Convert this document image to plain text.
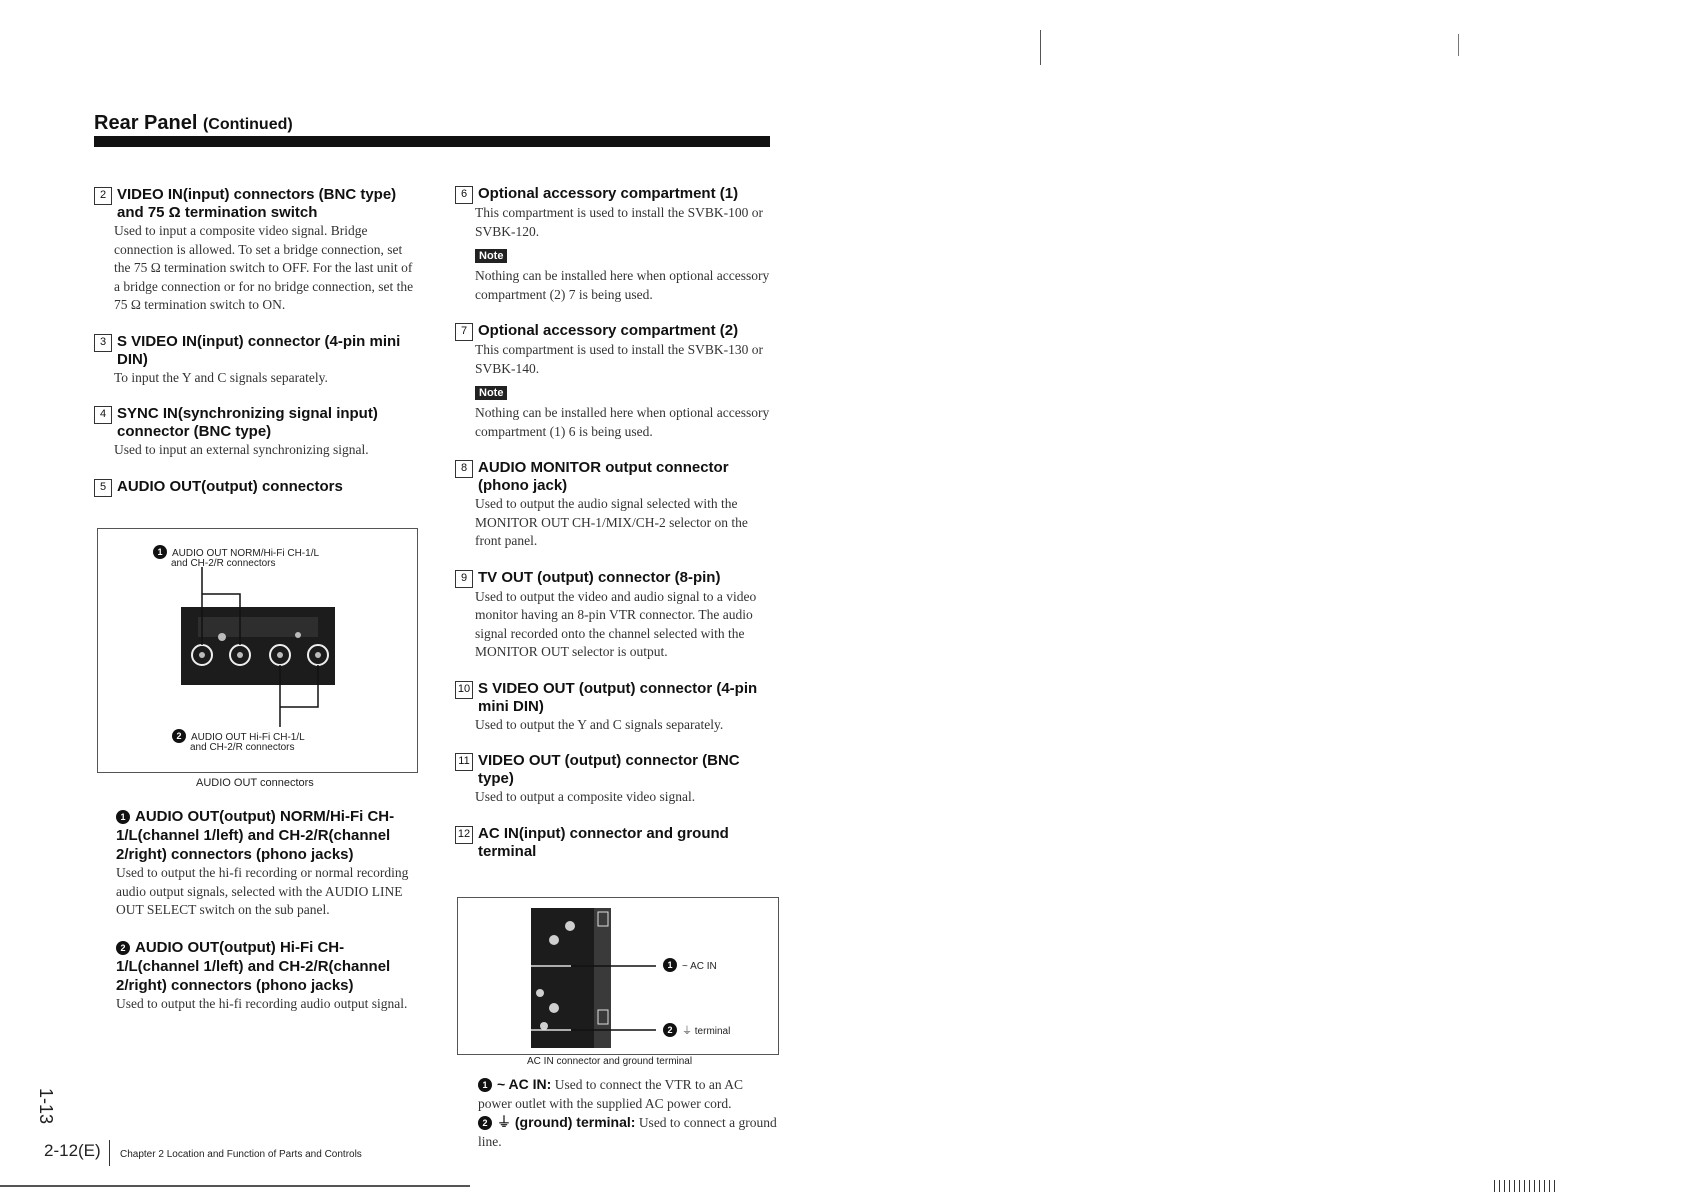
Rear Panel (Continued)
2 VIDEO IN(input) connectors (BNC type) and 75 Ω termination switch
Used to input a composite video signal. Bridge connection is allowed. To set a bridge connection, set the 75 Ω termination switch to OFF. For the last unit of a bridge connection or for no bridge connection, set the 75 Ω termination switch to ON.
3 S VIDEO IN(input) connector (4-pin mini DIN)
To input the Y and C signals separately.
4 SYNC IN(synchronizing signal input) connector (BNC type)
Used to input an external synchronizing signal.
5 AUDIO OUT(output) connectors
1 AUDIO OUT NORM/Hi-Fi CH-1/L
and CH-2/R connectors
2 AUDIO OUT Hi-Fi CH-1/L
and CH-2/R connectors
AUDIO OUT connectors
1 AUDIO OUT(output) NORM/Hi-Fi CH-1/L(channel 1/left) and CH-2/R(channel 2/right) connectors (phono jacks)
Used to output the hi-fi recording or normal recording audio output signals, selected with the AUDIO LINE OUT SELECT switch on the sub panel.
2 AUDIO OUT(output) Hi-Fi CH-1/L(channel 1/left) and CH-2/R(channel 2/right) connectors (phono jacks)
Used to output the hi-fi recording audio output signal.
6 Optional accessory compartment (1)
This compartment is used to install the SVBK-100 or SVBK-120.
Note
Nothing can be installed here when optional accessory compartment (2) 7 is being used.
7 Optional accessory compartment (2)
This compartment is used to install the SVBK-130 or SVBK-140.
Note
Nothing can be installed here when optional accessory compartment (1) 6 is being used.
8 AUDIO MONITOR output connector (phono jack)
Used to output the audio signal selected with the MONITOR OUT CH-1/MIX/CH-2 selector on the front panel.
9 TV OUT (output) connector (8-pin)
Used to output the video and audio signal to a video monitor having an 8-pin VTR connector. The audio signal recorded onto the channel selected with the MONITOR OUT selector is output.
10 S VIDEO OUT (output) connector (4-pin mini DIN)
Used to output the Y and C signals separately.
11 VIDEO OUT (output) connector (BNC type)
Used to output a composite video signal.
12 AC IN(input) connector and ground terminal
1 ~ AC IN
2 ⏚ terminal
AC IN connector and ground terminal
1 ~ AC IN: Used to connect the VTR to an AC power outlet with the supplied AC power cord.
2 ⏚ (ground) terminal: Used to connect a ground line.
2-12(E) Chapter 2 Location and Function of Parts and Controls
1-13
